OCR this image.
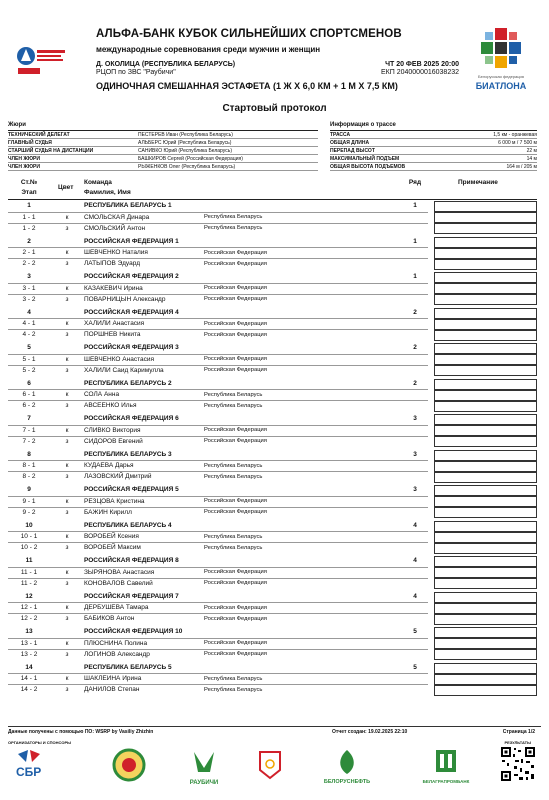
АЛЬФА-БАНК КУБОК СИЛЬНЕЙШИХ СПОРТСМЕНОВ
международные соревнования среди мужчин и женщин
Д. ОКОЛИЦА (РЕСПУБЛИКА БЕЛАРУСЬ)
РЦОП по ЗВС "Раубичи"
ЧТ 20 ФЕВ 2025 20:00
ЕКП 2040000016038232
ОДИНОЧНАЯ СМЕШАННАЯ ЭСТАФЕТА (1 Ж X 6,0 КМ + 1 М X 7,5 КМ)
Белорусская федерация
БИАТЛОНА
Стартовый протокол
Жюри
ТЕХНИЧЕСКИЙ ДЕЛЕГАТ	ПЕСТЕРЕВ Иван (Республика Беларусь)
ГЛАВНЫЙ СУДЬЯ	АЛЬБЕРС Юрий (Республика Беларусь)
СТАРШИЙ СУДЬЯ НА ДИСТАНЦИИ	САНИВКО Юрий (Республика Беларусь)
ЧЛЕН ЖЮРИ	БАШКИРОВ Сергей (Российская Федерация)
ЧЛЕН ЖЮРИ	РЫЖЕНКОВ Олег (Республика Беларусь)
Информация о трассе
ТРАССА	1,5 км - оранжевая
ОБЩАЯ ДЛИНА	6 000 м / 7 500 м
ПЕРЕПАД ВЫСОТ	22 м
МАКСИМАЛЬНЫЙ ПОДЪЕМ	14 м
ОБЩАЯ ВЫСОТА ПОДЪЕМОВ	164 м / 205 м
Ст.№
Этап
Цвет
Команда
Фамилия, Имя
Ряд	Примечание
1	РЕСПУБЛИКА БЕЛАРУСЬ 1	1
1 - 1	к	СМОЛЬСКАЯ Динара	Республика Беларусь
1 - 2	з	СМОЛЬСКИЙ Антон	Республика Беларусь
2	РОССИЙСКАЯ ФЕДЕРАЦИЯ 1	1
2 - 1	к	ШЕВЧЕНКО Наталия	Российская Федерация
2 - 2	з	ЛАТЫПОВ Эдуард	Российская Федерация
3	РОССИЙСКАЯ ФЕДЕРАЦИЯ 2	1
3 - 1	к	КАЗАКЕВИЧ Ирина	Российская Федерация
3 - 2	з	ПОВАРНИЦЫН Александр	Российская Федерация
4	РОССИЙСКАЯ ФЕДЕРАЦИЯ 4	2
4 - 1	к	ХАЛИЛИ Анастасия	Российская Федерация
4 - 2	з	ПОРШНЕВ Никита	Российская Федерация
5	РОССИЙСКАЯ ФЕДЕРАЦИЯ 3	2
5 - 1	к	ШЕВЧЕНКО Анастасия	Российская Федерация
5 - 2	з	ХАЛИЛИ Саид Каримулла	Российская Федерация
6	РЕСПУБЛИКА БЕЛАРУСЬ 2	2
6 - 1	к	СОЛА Анна	Республика Беларусь
6 - 2	з	АВСЕЕНКО Илья	Республика Беларусь
7	РОССИЙСКАЯ ФЕДЕРАЦИЯ 6	3
7 - 1	к	СЛИВКО Виктория	Российская Федерация
7 - 2	з	СИДОРОВ Евгений	Российская Федерация
8	РЕСПУБЛИКА БЕЛАРУСЬ 3	3
8 - 1	к	КУДАЕВА Дарья	Республика Беларусь
8 - 2	з	ЛАЗОВСКИЙ Дмитрий	Республика Беларусь
9	РОССИЙСКАЯ ФЕДЕРАЦИЯ 5	3
9 - 1	к	РЕЗЦОВА Кристина	Российская Федерация
9 - 2	з	БАЖИН Кирилл	Российская Федерация
10	РЕСПУБЛИКА БЕЛАРУСЬ 4	4
10 - 1	к	ВОРОБЕЙ Ксения	Республика Беларусь
10 - 2	з	ВОРОБЕЙ Максим	Республика Беларусь
11	РОССИЙСКАЯ ФЕДЕРАЦИЯ 8	4
11 - 1	к	ЗЫРЯНОВА Анастасия	Российская Федерация
11 - 2	з	КОНОВАЛОВ Савелий	Российская Федерация
12	РОССИЙСКАЯ ФЕДЕРАЦИЯ 7	4
12 - 1	к	ДЕРБУШЕВА Тамара	Российская Федерация
12 - 2	з	БАБИКОВ Антон	Российская Федерация
13	РОССИЙСКАЯ ФЕДЕРАЦИЯ 10	5
13 - 1	к	ПЛЮСНИНА Полина	Российская Федерация
13 - 2	з	ЛОГИНОВ Александр	Российская Федерация
14	РЕСПУБЛИКА БЕЛАРУСЬ 5	5
14 - 1	к	ШАКЛЕИНА Ирина	Республика Беларусь
14 - 2	з	ДАНИЛОВ Степан	Республика Беларусь
Данные получены с помощью ПО: WSRP by Vasiliy Zhizhin	Отчет создан: 19.02.2025 22:10	Страница 1/2
ОРГАНИЗАТОРЫ И СПОНСОРЫ	РЕЗУЛЬТАТЫ
СБР
РАУБИЧИ	БЕЛОРУСНЕФТЬ	БЕЛАГРАПРОМБАНК
